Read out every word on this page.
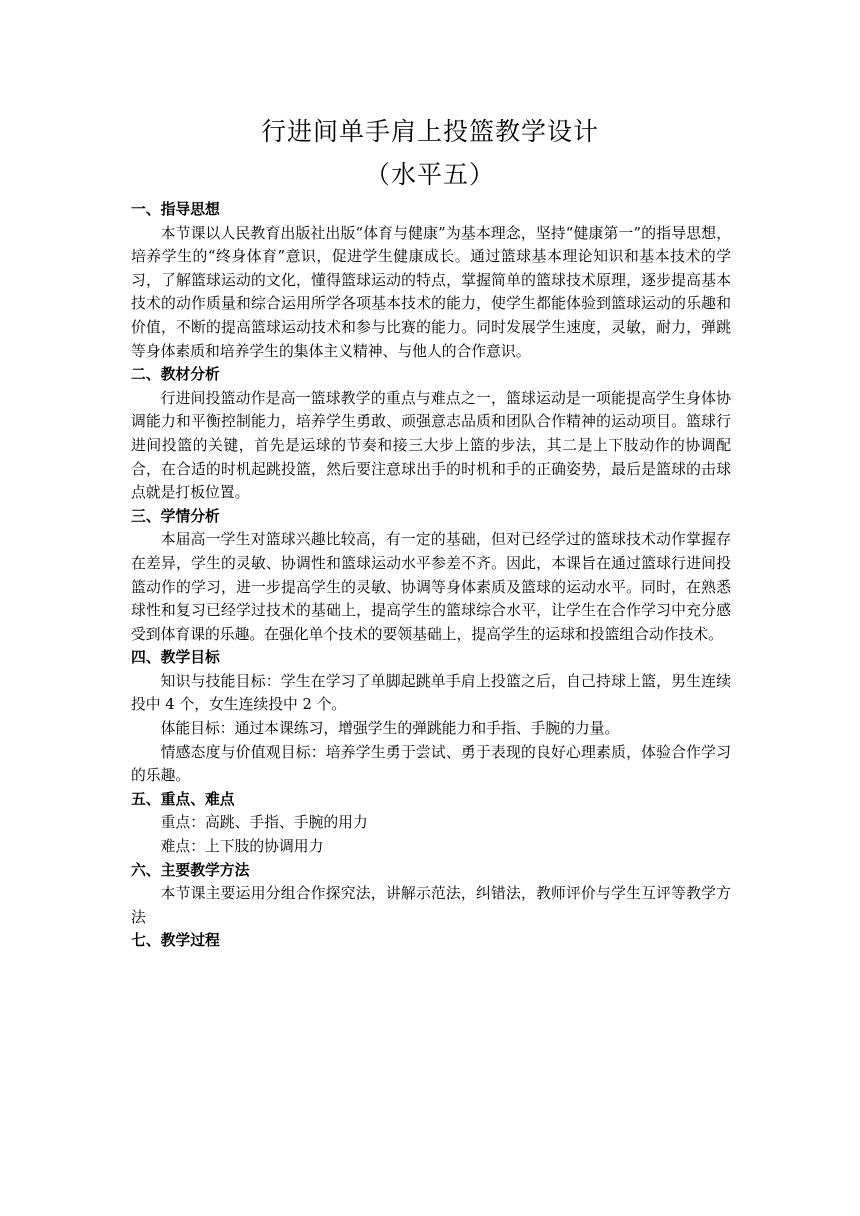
行进间单手肩上投篮教学设计
（水平五）

一、指导思想

本节课以人民教育出版社出版“体育与健康”为基本理念，坚持“健康第一”的指导思想，培养学生的“终身体育”意识，促进学生健康成长。通过篮球基本理论知识和基本技术的学习，了解篮球运动的文化，懂得篮球运动的特点，掌握简单的篮球技术原理，逐步提高基本技术的动作质量和综合运用所学各项基本技术的能力，使学生都能体验到篮球运动的乐趣和价值，不断的提高篮球运动技术和参与比赛的能力。同时发展学生速度，灵敏，耐力，弹跳等身体素质和培养学生的集体主义精神、与他人的合作意识。

二、教材分析

行进间投篮动作是高一篮球教学的重点与难点之一，篮球运动是一项能提高学生身体协调能力和平衡控制能力，培养学生勇敢、顽强意志品质和团队合作精神的运动项目。篮球行进间投篮的关键，首先是运球的节奏和接三大步上篮的步法，其二是上下肢动作的协调配合，在合适的时机起跳投篮，然后要注意球出手的时机和手的正确姿势，最后是篮球的击球点就是打板位置。

三、学情分析

本届高一学生对篮球兴趣比较高，有一定的基础，但对已经学过的篮球技术动作掌握存在差异，学生的灵敏、协调性和篮球运动水平参差不齐。因此，本课旨在通过篮球行进间投篮动作的学习，进一步提高学生的灵敏、协调等身体素质及篮球的运动水平。同时，在熟悉球性和复习已经学过技术的基础上，提高学生的篮球综合水平，让学生在合作学习中充分感受到体育课的乐趣。在强化单个技术的要领基础上，提高学生的运球和投篮组合动作技术。

四、教学目标

知识与技能目标：学生在学习了单脚起跳单手肩上投篮之后，自己持球上篮，男生连续投中 4 个，女生连续投中 2 个。

体能目标：通过本课练习，增强学生的弹跳能力和手指、手腕的力量。

情感态度与价值观目标：培养学生勇于尝试、勇于表现的良好心理素质，体验合作学习的乐趣。

五、重点、难点

重点：高跳、手指、手腕的用力

难点：上下肢的协调用力

六、主要教学方法

本节课主要运用分组合作探究法，讲解示范法，纠错法，教师评价与学生互评等教学方法

七、教学过程
